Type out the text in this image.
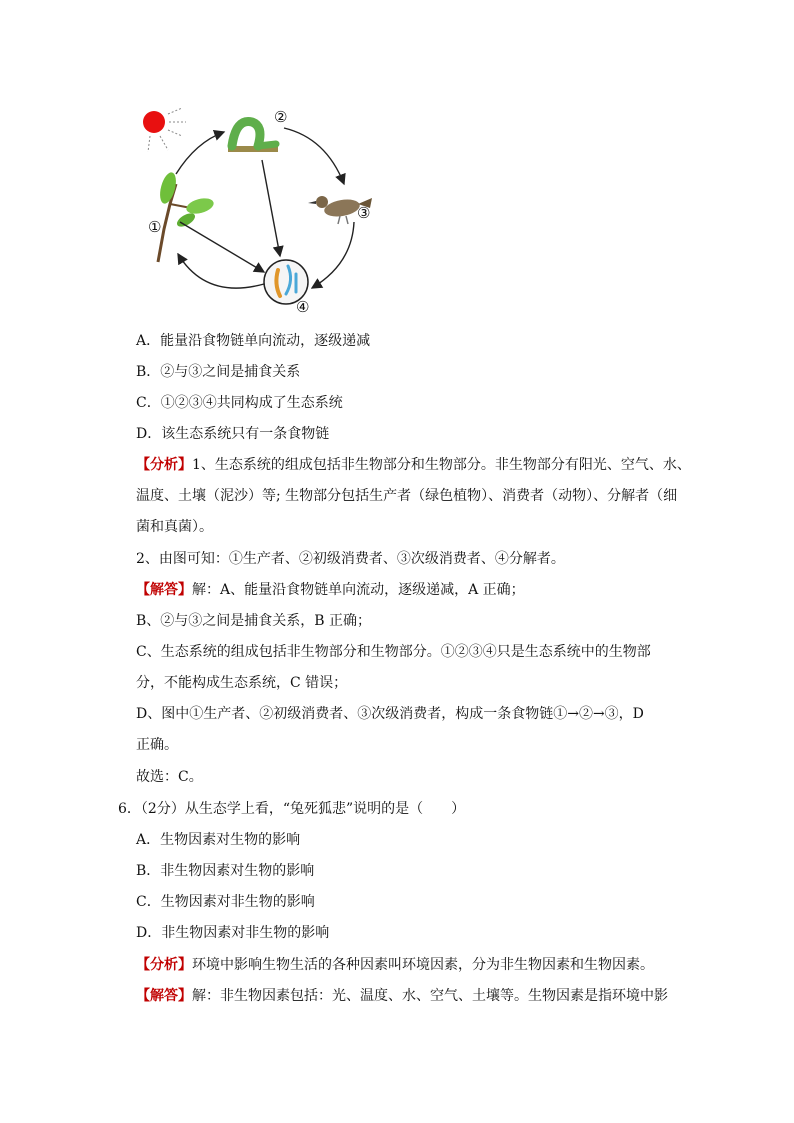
①
②
③
④
A．能量沿食物链单向流动，逐级递减
B．②与③之间是捕食关系
C．①②③④共同构成了生态系统
D．该生态系统只有一条食物链
【分析】1、生态系统的组成包括非生物部分和生物部分。非生物部分有阳光、空气、水、
温度、土壤（泥沙）等; 生物部分包括生产者（绿色植物）、消费者（动物）、分解者（细
菌和真菌）。
2、由图可知：①生产者、②初级消费者、③次级消费者、④分解者。
【解答】解：A、能量沿食物链单向流动，逐级递减，A 正确；
B、②与③之间是捕食关系，B 正确；
C、生态系统的组成包括非生物部分和生物部分。①②③④只是生态系统中的生物部
分，不能构成生态系统，C 错误；
D、图中①生产者、②初级消费者、③次级消费者，构成一条食物链①→②→③，D
正确。
故选：C。
6．（2分）从生态学上看，“兔死狐悲”说明的是（　　）
A．生物因素对生物的影响
B．非生物因素对生物的影响
C．生物因素对非生物的影响
D．非生物因素对非生物的影响
【分析】环境中影响生物生活的各种因素叫环境因素，分为非生物因素和生物因素。
【解答】解：非生物因素包括：光、温度、水、空气、土壤等。生物因素是指环境中影
